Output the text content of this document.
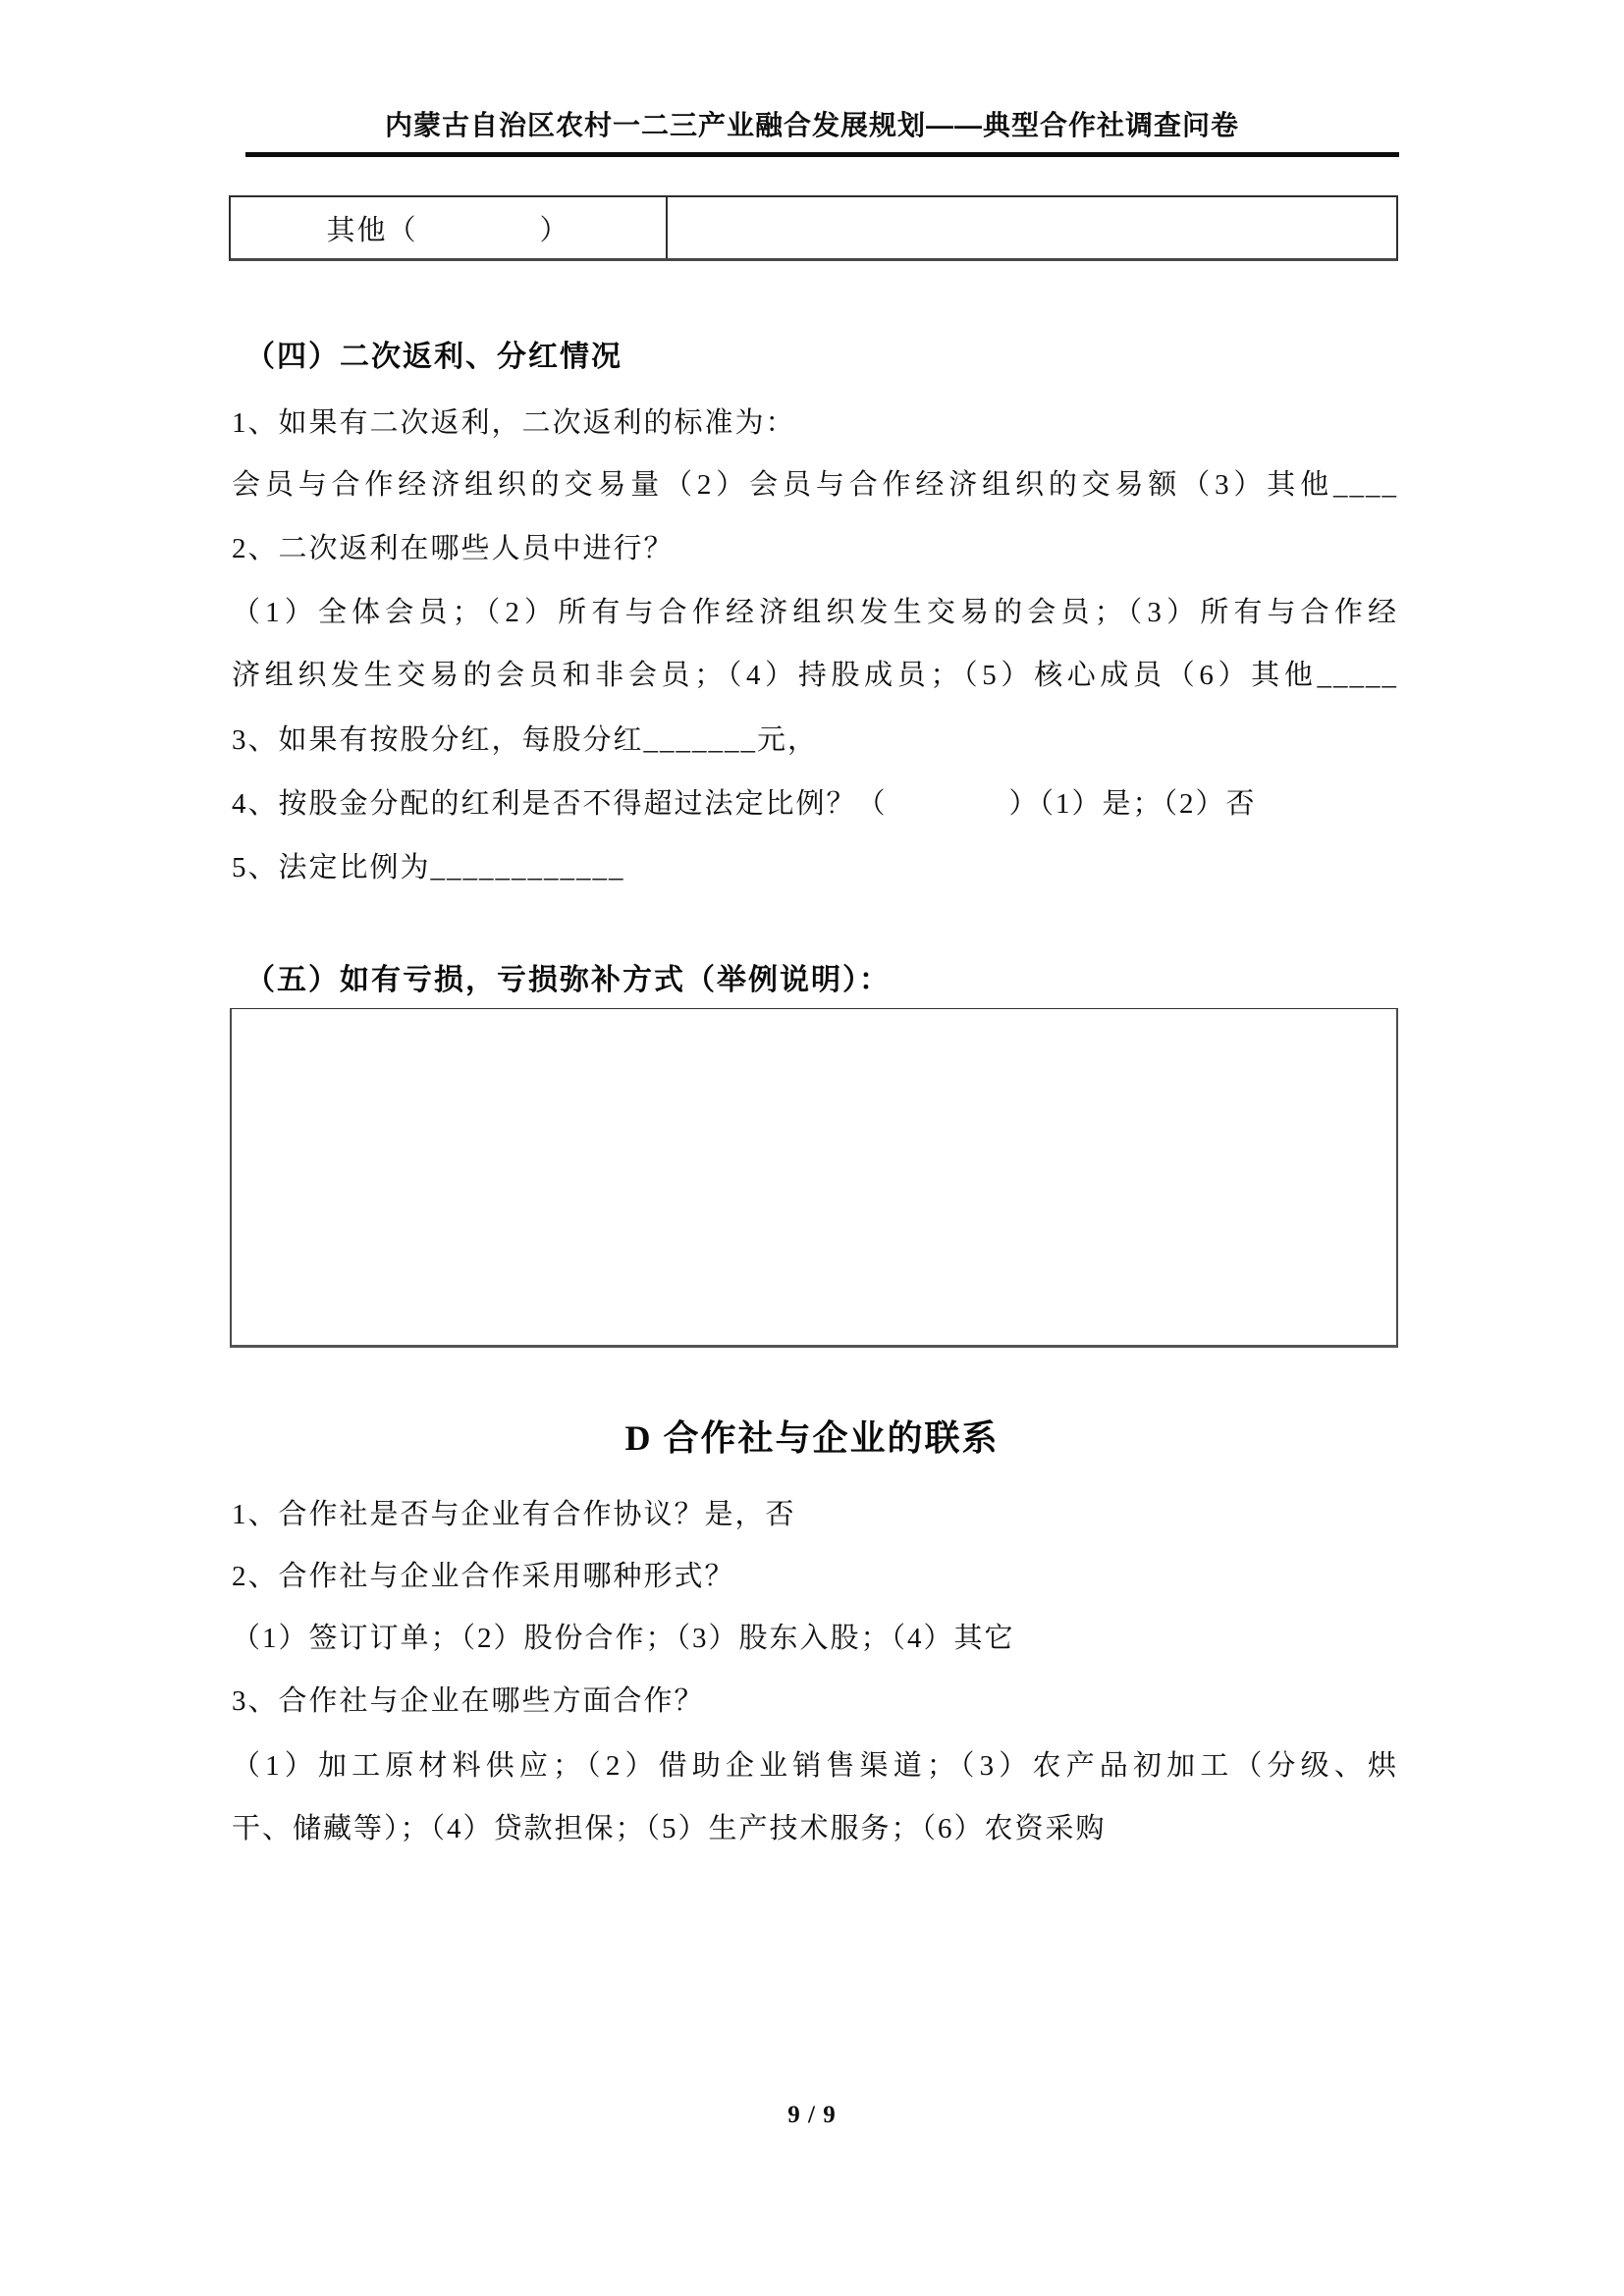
内蒙古自治区农村一二三产业融合发展规划——典型合作社调查问卷
其他（　　　　）
（四）二次返利、分红情况
1、如果有二次返利，二次返利的标准为：
会员与合作经济组织的交易量（2）会员与合作经济组织的交易额（3）其他____
2、二次返利在哪些人员中进行？
（1）全体会员；（2）所有与合作经济组织发生交易的会员；（3）所有与合作经
济组织发生交易的会员和非会员；（4）持股成员；（5）核心成员（6）其他_____
3、如果有按股分红，每股分红_______元，
4、按股金分配的红利是否不得超过法定比例？（　　　　）（1）是；（2）否
5、法定比例为____________
（五）如有亏损，亏损弥补方式（举例说明）：
D 合作社与企业的联系
1、合作社是否与企业有合作协议？是，否
2、合作社与企业合作采用哪种形式？
（1）签订订单；（2）股份合作；（3）股东入股；（4）其它
3、合作社与企业在哪些方面合作？
（1）加工原材料供应；（2）借助企业销售渠道；（3）农产品初加工（分级、烘
干、储藏等）；（4）贷款担保；（5）生产技术服务；（6）农资采购
9 / 9
